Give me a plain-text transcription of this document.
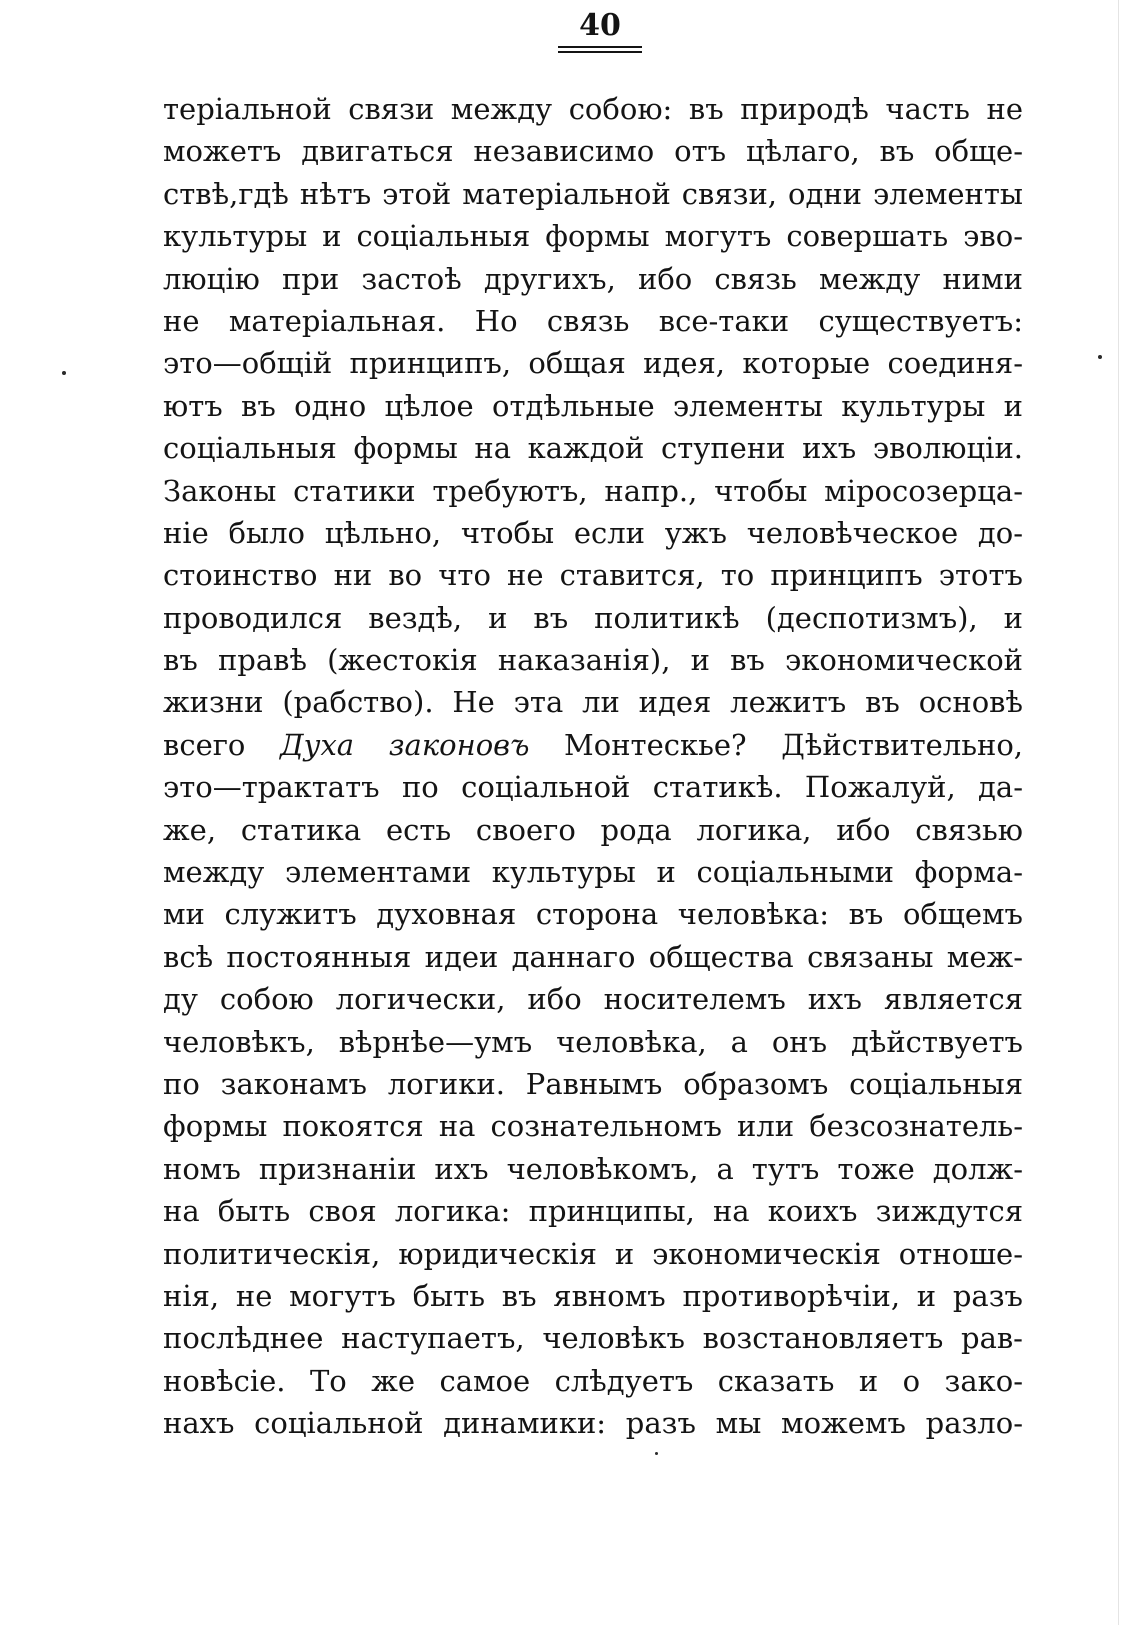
40
теріальной связи между собою: въ природѣ часть не
можетъ двигаться независимо отъ цѣлаго, въ обще-
ствѣ,гдѣ нѣтъ этой матеріальной связи, одни элементы
культуры и соціальныя формы могутъ совершать эво-
люцію при застоѣ другихъ, ибо связь между ними
не матеріальная. Но связь все-таки существуетъ:
это—общій принципъ, общая идея, которые соединя-
ютъ въ одно цѣлое отдѣльные элементы культуры и
соціальныя формы на каждой ступени ихъ эволюціи.
Законы статики требуютъ, напр., чтобы міросозерца-
ніе было цѣльно, чтобы если ужъ человѣческое до-
стоинство ни во что не ставится, то принципъ этотъ
проводился вездѣ, и въ политикѣ (деспотизмъ), и
въ правѣ (жестокія наказанія), и въ экономической
жизни (рабство). Не эта ли идея лежитъ въ основѣ
всего Духа законовъ Монтескье? Дѣйствительно,
это—трактатъ по соціальной статикѣ. Пожалуй, да-
же, статика есть своего рода логика, ибо связью
между элементами культуры и соціальными форма-
ми служитъ духовная сторона человѣка: въ общемъ
всѣ постоянныя идеи даннаго общества связаны меж-
ду собою логически, ибо носителемъ ихъ является
человѣкъ, вѣрнѣе—умъ человѣка, а онъ дѣйствуетъ
по законамъ логики. Равнымъ образомъ соціальныя
формы покоятся на сознательномъ или безсознатель-
номъ признаніи ихъ человѣкомъ, а тутъ тоже долж-
на быть своя логика: принципы, на коихъ зиждутся
политическія, юридическія и экономическія отноше-
нія, не могутъ быть въ явномъ противорѣчіи, и разъ
послѣднее наступаетъ, человѣкъ возстановляетъ рав-
новѣсіе. То же самое слѣдуетъ сказать и о зако-
нахъ соціальной динамики: разъ мы можемъ разло-
